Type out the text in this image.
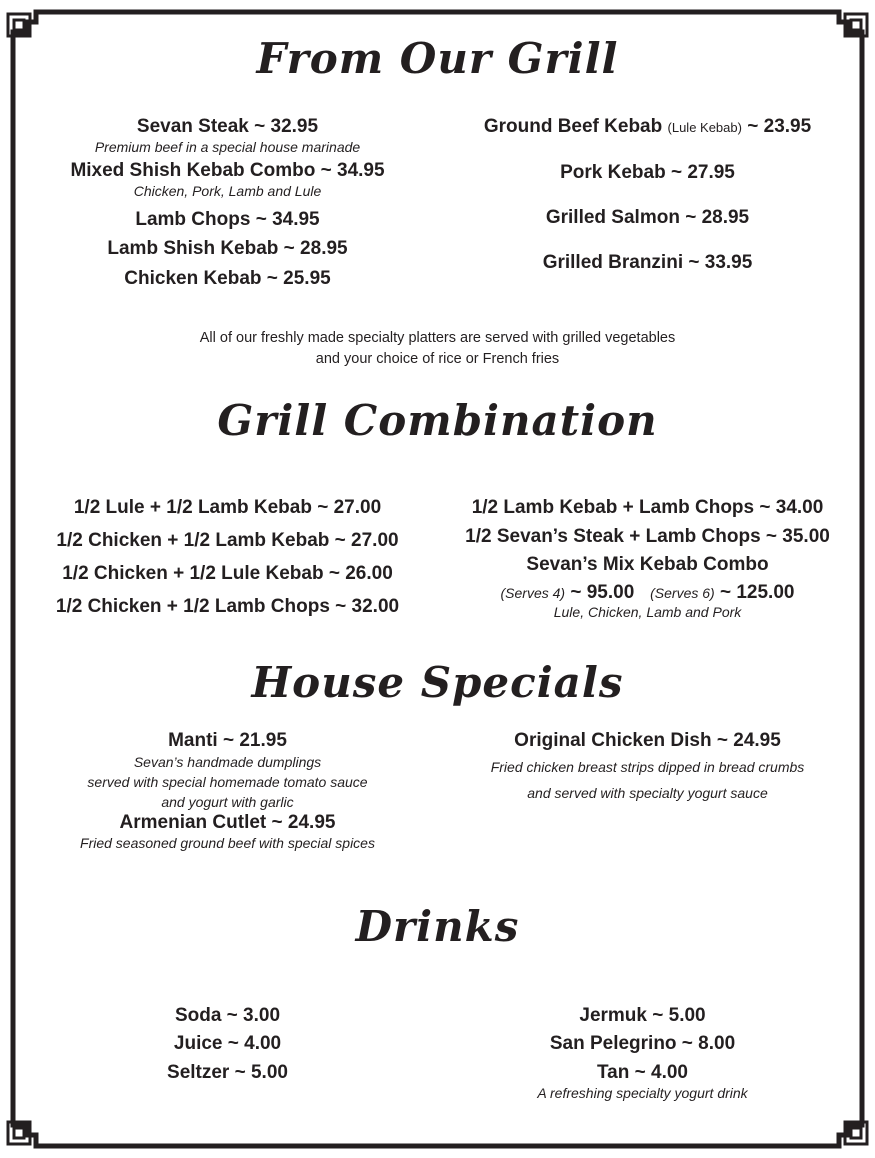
From Our Grill
Sevan Steak ~ 32.95
Premium beef in a special house marinade
Mixed Shish Kebab Combo ~ 34.95
Chicken, Pork, Lamb and Lule
Lamb Chops ~ 34.95
Lamb Shish Kebab ~ 28.95
Chicken Kebab ~ 25.95
Ground Beef Kebab (Lule Kebab) ~ 23.95
Pork Kebab ~ 27.95
Grilled Salmon ~ 28.95
Grilled Branzini ~ 33.95
All of our freshly made specialty platters are served with grilled vegetables
and your choice of rice or French fries
Grill Combination
1/2 Lule + 1/2 Lamb Kebab ~ 27.00
1/2 Chicken + 1/2 Lamb Kebab ~ 27.00
1/2 Chicken + 1/2 Lule Kebab ~ 26.00
1/2 Chicken + 1/2 Lamb Chops ~ 32.00
1/2 Lamb Kebab + Lamb Chops ~ 34.00
1/2 Sevan’s Steak + Lamb Chops ~ 35.00
Sevan’s Mix Kebab Combo
(Serves 4) ~ 95.00 (Serves 6) ~ 125.00
Lule, Chicken, Lamb and Pork
House Specials
Manti ~ 21.95
Sevan’s handmade dumplings
served with special homemade tomato sauce
and yogurt with garlic
Armenian Cutlet ~ 24.95
Fried seasoned ground beef with special spices
Original Chicken Dish ~ 24.95
Fried chicken breast strips dipped in bread crumbs
and served with specialty yogurt sauce
Drinks
Soda ~ 3.00
Juice ~ 4.00
Seltzer ~ 5.00
Jermuk ~ 5.00
San Pelegrino ~ 8.00
Tan ~ 4.00
A refreshing specialty yogurt drink
